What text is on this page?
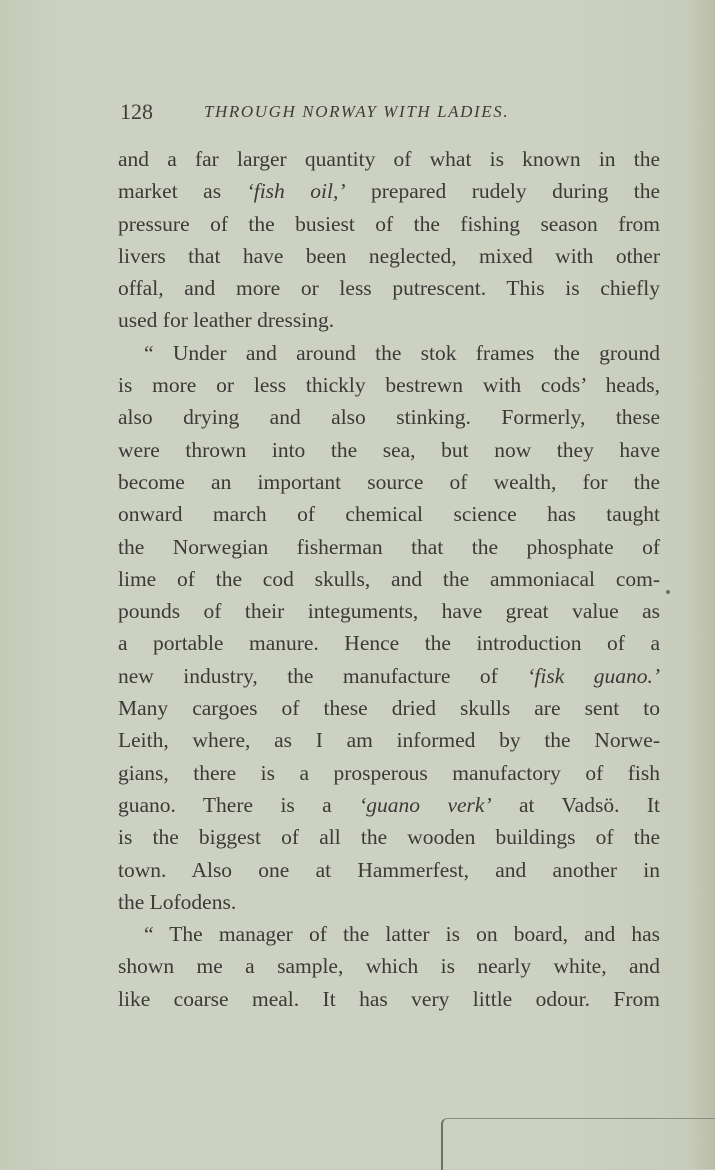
128	THROUGH NORWAY WITH LADIES.
and a far larger quantity of what is known in the
market as ‘fish oil,’ prepared rudely during the
pressure of the busiest of the fishing season from
livers that have been neglected, mixed with other
offal, and more or less putrescent. This is chiefly
used for leather dressing.
“ Under and around the stok frames the ground
is more or less thickly bestrewn with cods’ heads,
also drying and also stinking. Formerly, these
were thrown into the sea, but now they have
become an important source of wealth, for the
onward march of chemical science has taught
the Norwegian fisherman that the phosphate of
lime of the cod skulls, and the ammoniacal com-
pounds of their integuments, have great value as
a portable manure. Hence the introduction of a
new industry, the manufacture of ‘fisk guano.’
Many cargoes of these dried skulls are sent to
Leith, where, as I am informed by the Norwe-
gians, there is a prosperous manufactory of fish
guano. There is a ‘guano verk’ at Vadsö. It
is the biggest of all the wooden buildings of the
town. Also one at Hammerfest, and another in
the Lofodens.
“ The manager of the latter is on board, and has
shown me a sample, which is nearly white, and
like coarse meal. It has very little odour. From
